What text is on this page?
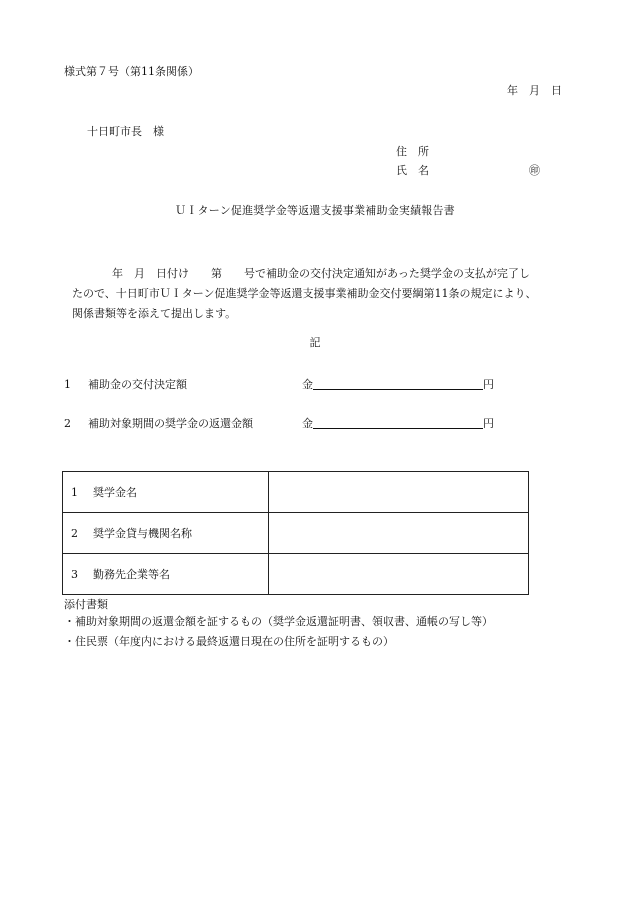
様式第７号（第11条関係）
年　月　日
十日町市長　様
住　所
氏　名	㊞
ＵＩターン促進奨学金等返還支援事業補助金実績報告書

年　月　日付け　　第　　号で補助金の交付決定通知があった奨学金の支払が完了し

たので、十日町市ＵＩターン促進奨学金等返還支援事業補助金交付要綱第11条の規定により、

関係書類等を添えて提出します。

記
1 補助金の交付決定額	金	円
2 補助対象期間の奨学金の返還金額	金	円
1 奨学金名	
2 奨学金貸与機関名称	
3 勤務先企業等名	
添付書類
・補助対象期間の返還金額を証するもの（奨学金返還証明書、領収書、通帳の写し等）
・住民票（年度内における最終返還日現在の住所を証明するもの）
